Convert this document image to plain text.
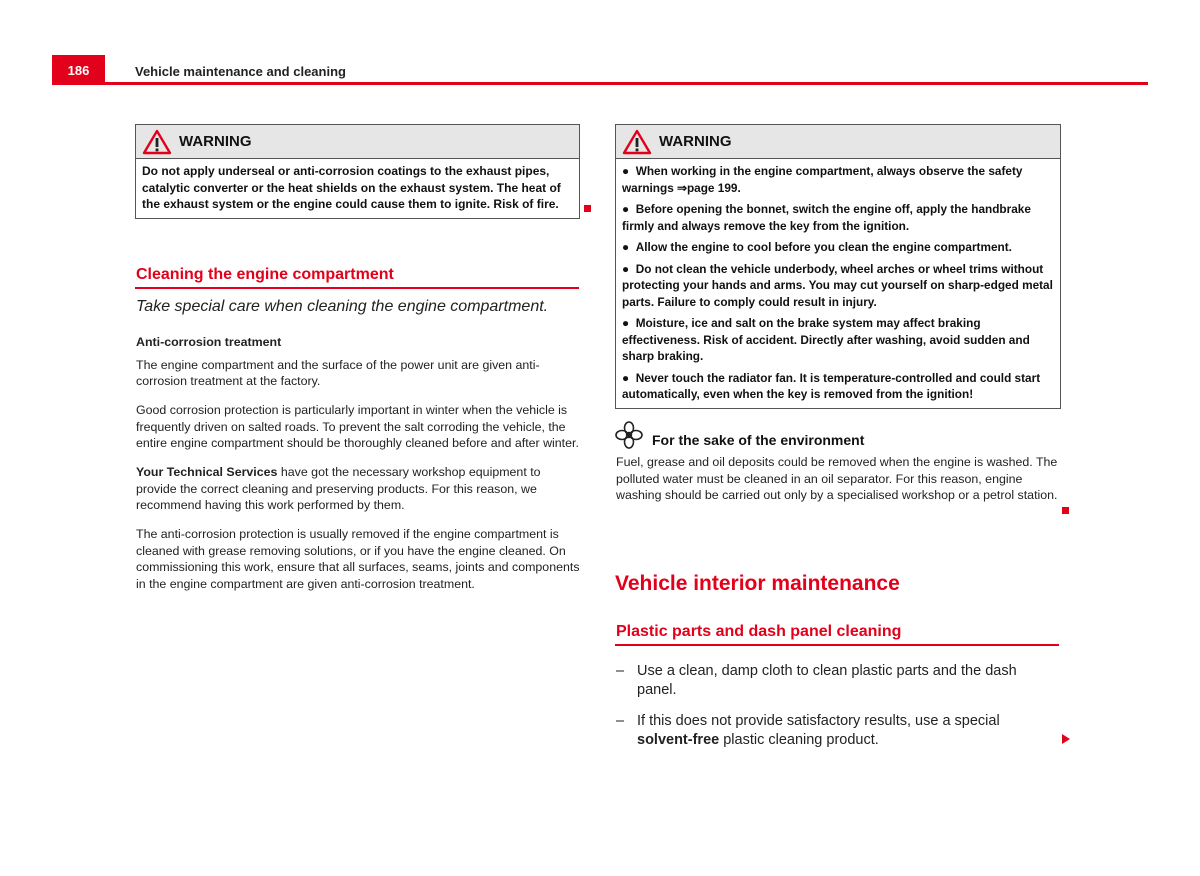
186	Vehicle maintenance and cleaning
WARNING

Do not apply underseal or anti-corrosion coatings to the exhaust pipes, catalytic converter or the heat shields on the exhaust system. The heat of the exhaust system or the engine could cause them to ignite. Risk of fire.

Cleaning the engine compartment
Take special care when cleaning the engine compartment.

Anti-corrosion treatment

The engine compartment and the surface of the power unit are given anti-corrosion treatment at the factory.

Good corrosion protection is particularly important in winter when the vehicle is frequently driven on salted roads. To prevent the salt corroding the vehicle, the entire engine compartment should be thoroughly cleaned before and after winter.

Your Technical Services have got the necessary workshop equipment to provide the correct cleaning and preserving products. For this reason, we recommend having this work performed by them.

The anti-corrosion protection is usually removed if the engine compartment is cleaned with grease removing solutions, or if you have the engine cleaned. On commissioning this work, ensure that all surfaces, seams, joints and components in the engine compartment are given anti-corrosion treatment.

WARNING

●  When working in the engine compartment, always observe the safety warnings ⇒page 199.

●  Before opening the bonnet, switch the engine off, apply the handbrake firmly and always remove the key from the ignition.

●  Allow the engine to cool before you clean the engine compartment.

●  Do not clean the vehicle underbody, wheel arches or wheel trims without protecting your hands and arms. You may cut yourself on sharp-edged metal parts. Failure to comply could result in injury.

●  Moisture, ice and salt on the brake system may affect braking effectiveness. Risk of accident. Directly after washing, avoid sudden and sharp braking.

●  Never touch the radiator fan. It is temperature-controlled and could start automatically, even when the key is removed from the ignition!

For the sake of the environment
Fuel, grease and oil deposits could be removed when the engine is washed. The polluted water must be cleaned in an oil separator. For this reason, engine washing should be carried out only by a specialised workshop or a petrol station.
Vehicle interior maintenance
Plastic parts and dash panel cleaning
– Use a clean, damp cloth to clean plastic parts and the dash panel.
– If this does not provide satisfactory results, use a special solvent-free plastic cleaning product.
